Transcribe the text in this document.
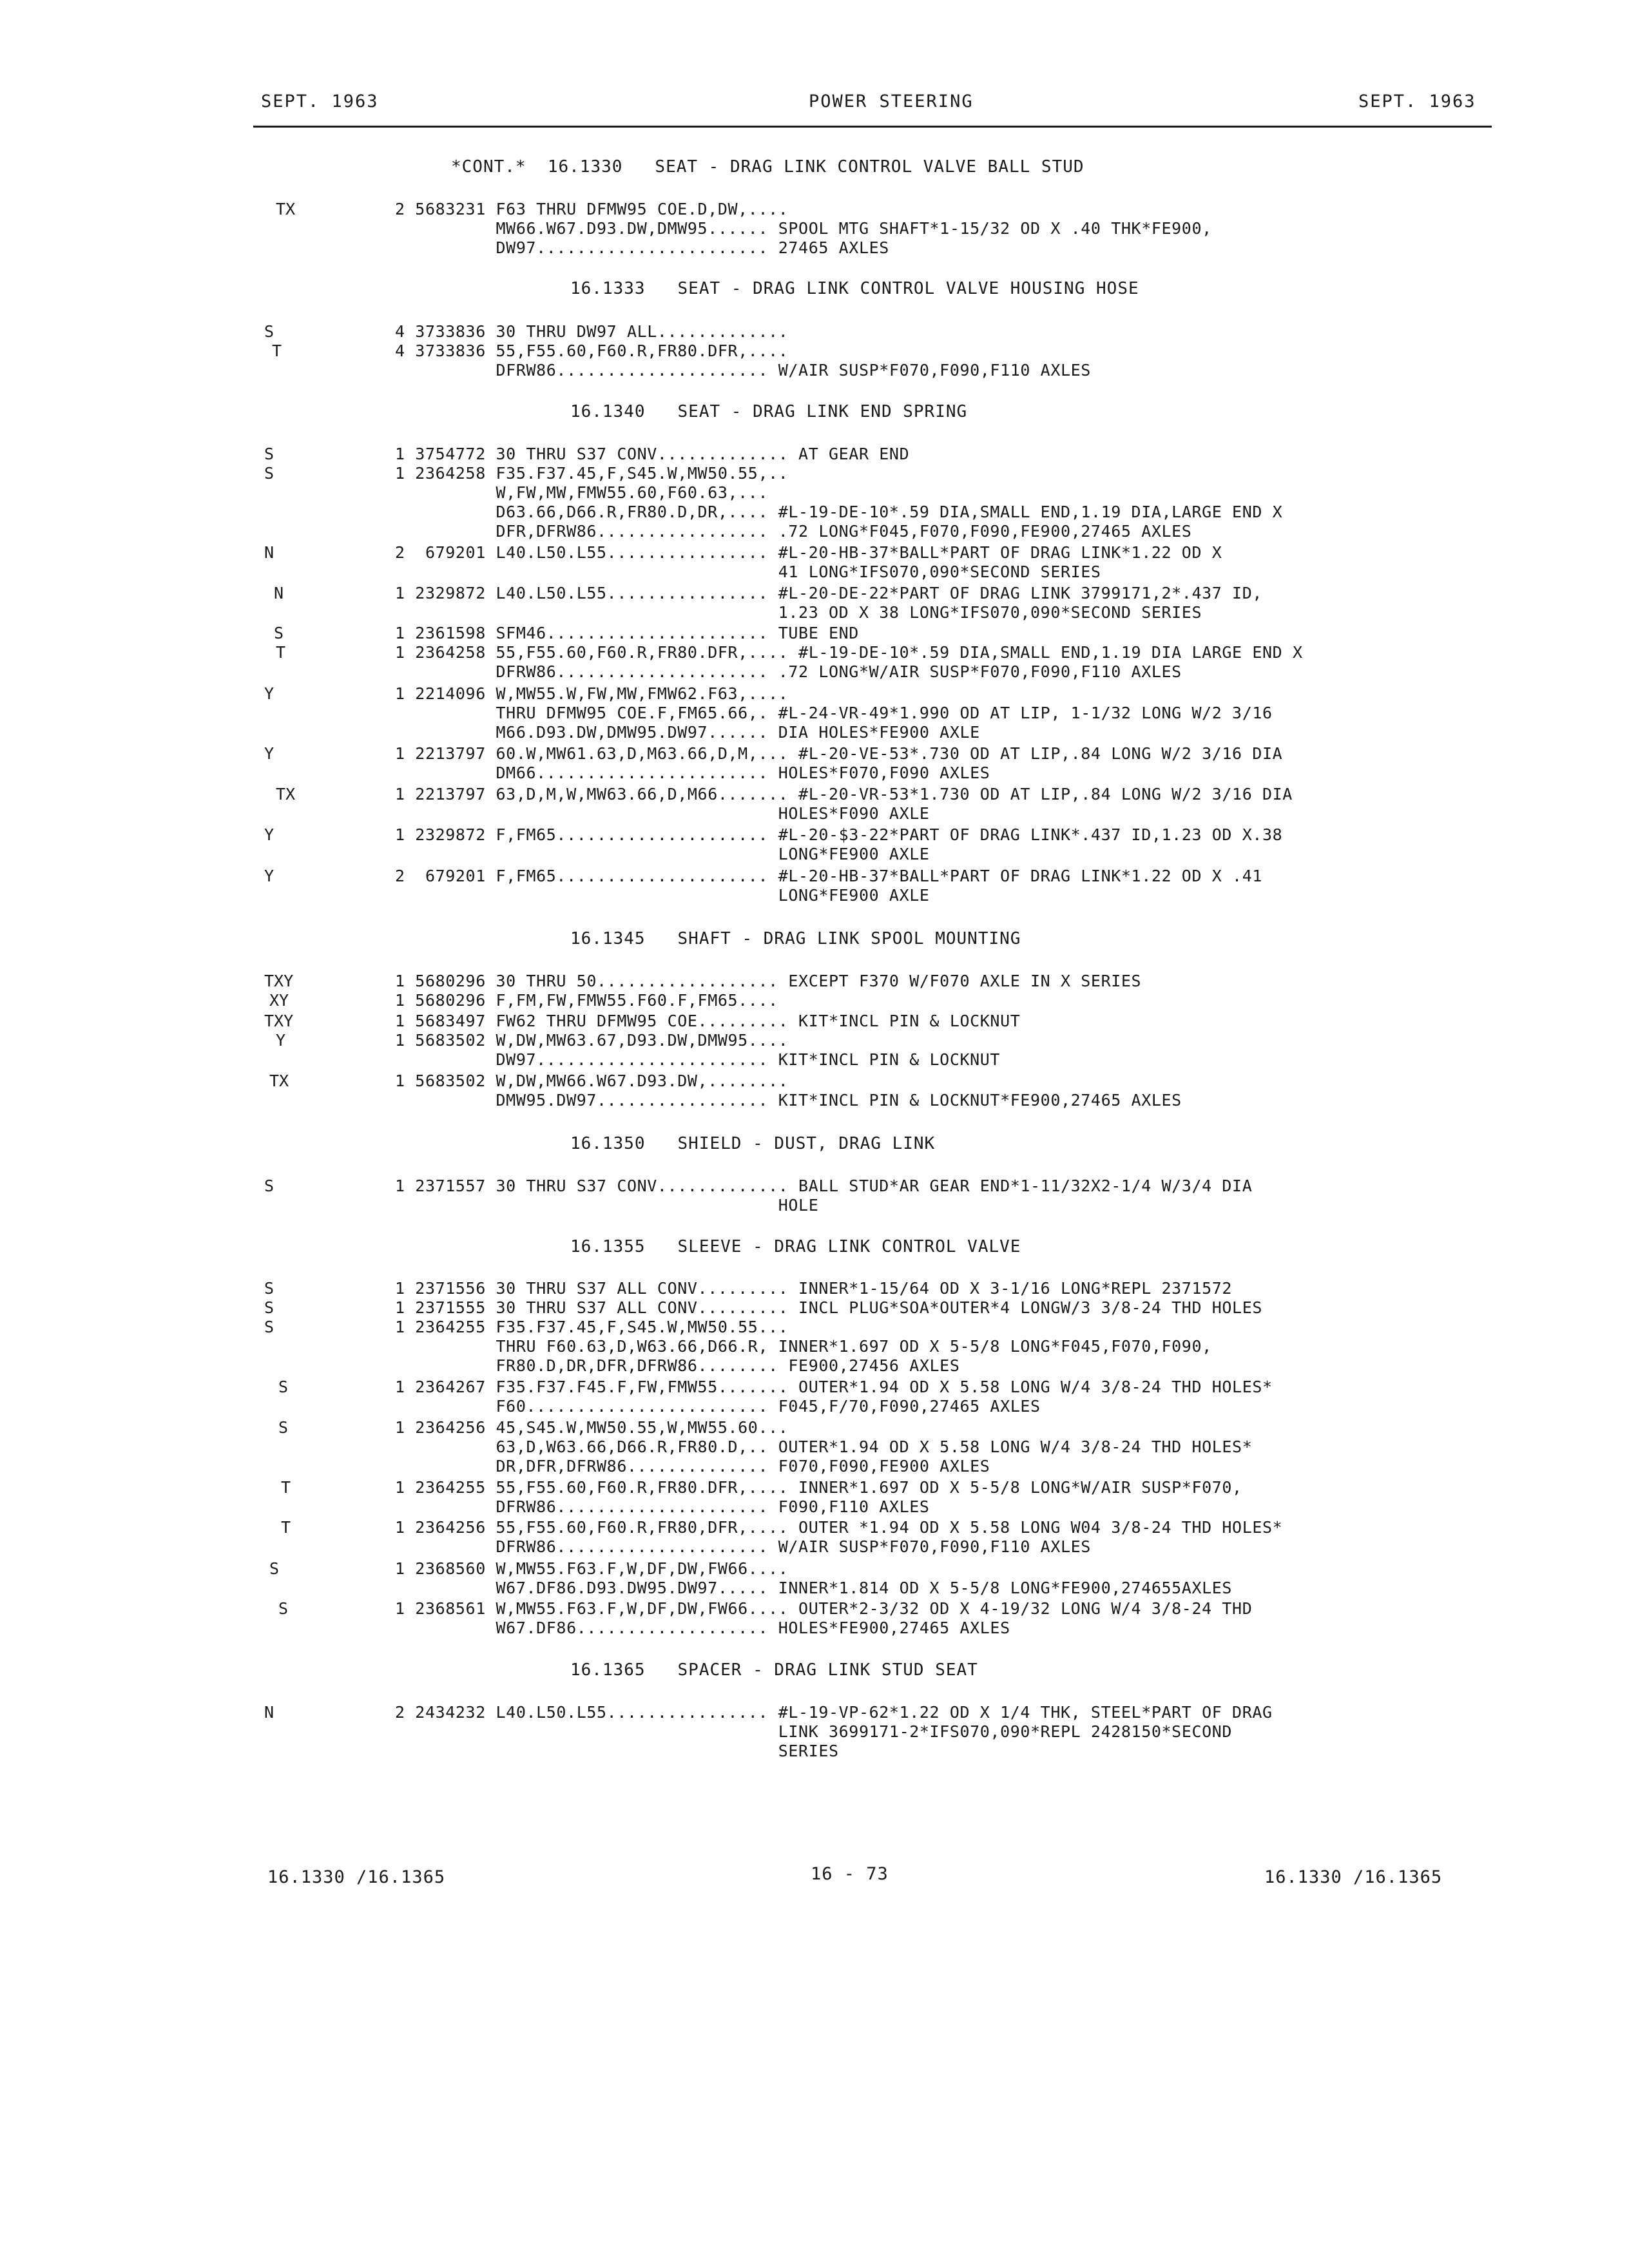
SEPT. 1963	POWER STEERING	SEPT. 1963
*CONT.*  16.1330   SEAT - DRAG LINK CONTROL VALVE BALL STUD
TX	2 5683231 F63 THRU DFMW95 COE.D,DW,....
MW66.W67.D93.DW,DMW95...... SPOOL MTG SHAFT*1-15/32 OD X .40 THK*FE900,
DW97....................... 27465 AXLES
16.1333   SEAT - DRAG LINK CONTROL VALVE HOUSING HOSE
S	4 3733836 30 THRU DW97 ALL.............
T	4 3733836 55,F55.60,F60.R,FR80.DFR,....
DFRW86..................... W/AIR SUSP*F070,F090,F110 AXLES
16.1340   SEAT - DRAG LINK END SPRING
S	1 3754772 30 THRU S37 CONV............. AT GEAR END
S	1 2364258 F35.F37.45,F,S45.W,MW50.55,..
W,FW,MW,FMW55.60,F60.63,...
D63.66,D66.R,FR80.D,DR,.... #L-19-DE-10*.59 DIA,SMALL END,1.19 DIA,LARGE END X
DFR,DFRW86................. .72 LONG*F045,F070,F090,FE900,27465 AXLES
N	2  679201 L40.L50.L55................ #L-20-HB-37*BALL*PART OF DRAG LINK*1.22 OD X
41 LONG*IFS070,090*SECOND SERIES
N	1 2329872 L40.L50.L55................ #L-20-DE-22*PART OF DRAG LINK 3799171,2*.437 ID,
1.23 OD X 38 LONG*IFS070,090*SECOND SERIES
S	1 2361598 SFM46...................... TUBE END
T	1 2364258 55,F55.60,F60.R,FR80.DFR,.... #L-19-DE-10*.59 DIA,SMALL END,1.19 DIA LARGE END X
DFRW86..................... .72 LONG*W/AIR SUSP*F070,F090,F110 AXLES
Y	1 2214096 W,MW55.W,FW,MW,FMW62.F63,....
THRU DFMW95 COE.F,FM65.66,. #L-24-VR-49*1.990 OD AT LIP, 1-1/32 LONG W/2 3/16
M66.D93.DW,DMW95.DW97...... DIA HOLES*FE900 AXLE
Y	1 2213797 60.W,MW61.63,D,M63.66,D,M,... #L-20-VE-53*.730 OD AT LIP,.84 LONG W/2 3/16 DIA
DM66....................... HOLES*F070,F090 AXLES
TX	1 2213797 63,D,M,W,MW63.66,D,M66....... #L-20-VR-53*1.730 OD AT LIP,.84 LONG W/2 3/16 DIA
HOLES*F090 AXLE
Y	1 2329872 F,FM65..................... #L-20-$3-22*PART OF DRAG LINK*.437 ID,1.23 OD X.38
LONG*FE900 AXLE
Y	2  679201 F,FM65..................... #L-20-HB-37*BALL*PART OF DRAG LINK*1.22 OD X .41
LONG*FE900 AXLE
16.1345   SHAFT - DRAG LINK SPOOL MOUNTING
TXY	1 5680296 30 THRU 50.................. EXCEPT F370 W/F070 AXLE IN X SERIES
XY	1 5680296 F,FM,FW,FMW55.F60.F,FM65....
TXY	1 5683497 FW62 THRU DFMW95 COE......... KIT*INCL PIN & LOCKNUT
Y	1 5683502 W,DW,MW63.67,D93.DW,DMW95....
DW97....................... KIT*INCL PIN & LOCKNUT
TX	1 5683502 W,DW,MW66.W67.D93.DW,........
DMW95.DW97................. KIT*INCL PIN & LOCKNUT*FE900,27465 AXLES
16.1350   SHIELD - DUST, DRAG LINK
S	1 2371557 30 THRU S37 CONV............. BALL STUD*AR GEAR END*1-11/32X2-1/4 W/3/4 DIA
HOLE
16.1355   SLEEVE - DRAG LINK CONTROL VALVE
S	1 2371556 30 THRU S37 ALL CONV......... INNER*1-15/64 OD X 3-1/16 LONG*REPL 2371572
S	1 2371555 30 THRU S37 ALL CONV......... INCL PLUG*SOA*OUTER*4 LONGW/3 3/8-24 THD HOLES
S	1 2364255 F35.F37.45,F,S45.W,MW50.55...
THRU F60.63,D,W63.66,D66.R, INNER*1.697 OD X 5-5/8 LONG*F045,F070,F090,
FR80.D,DR,DFR,DFRW86........ FE900,27456 AXLES
S	1 2364267 F35.F37.F45.F,FW,FMW55....... OUTER*1.94 OD X 5.58 LONG W/4 3/8-24 THD HOLES*
F60........................ F045,F/70,F090,27465 AXLES
S	1 2364256 45,S45.W,MW50.55,W,MW55.60...
63,D,W63.66,D66.R,FR80.D,.. OUTER*1.94 OD X 5.58 LONG W/4 3/8-24 THD HOLES*
DR,DFR,DFRW86.............. F070,F090,FE900 AXLES
T	1 2364255 55,F55.60,F60.R,FR80.DFR,.... INNER*1.697 OD X 5-5/8 LONG*W/AIR SUSP*F070,
DFRW86..................... F090,F110 AXLES
T	1 2364256 55,F55.60,F60.R,FR80,DFR,.... OUTER *1.94 OD X 5.58 LONG W04 3/8-24 THD HOLES*
DFRW86..................... W/AIR SUSP*F070,F090,F110 AXLES
S	1 2368560 W,MW55.F63.F,W,DF,DW,FW66....
W67.DF86.D93.DW95.DW97..... INNER*1.814 OD X 5-5/8 LONG*FE900,274655AXLES
S	1 2368561 W,MW55.F63.F,W,DF,DW,FW66.... OUTER*2-3/32 OD X 4-19/32 LONG W/4 3/8-24 THD
W67.DF86................... HOLES*FE900,27465 AXLES
16.1365   SPACER - DRAG LINK STUD SEAT
N	2 2434232 L40.L50.L55................ #L-19-VP-62*1.22 OD X 1/4 THK, STEEL*PART OF DRAG
LINK 3699171-2*IFS070,090*REPL 2428150*SECOND
SERIES
16.1330 /16.1365	16 - 73	16.1330 /16.1365
